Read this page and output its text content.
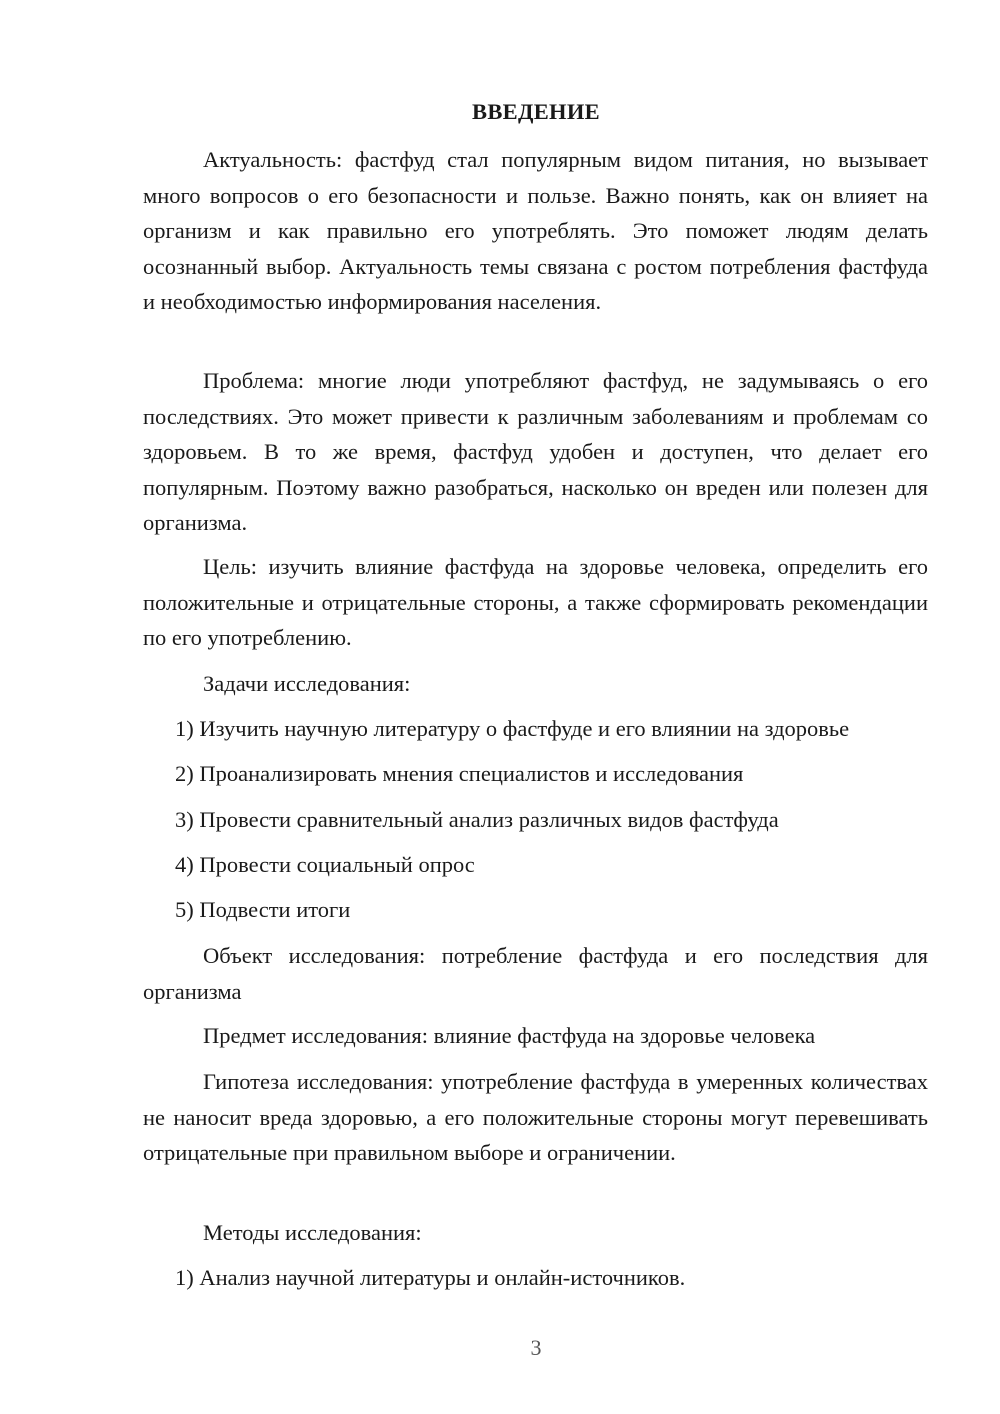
ВВЕДЕНИЕ

Актуальность: фастфуд стал популярным видом питания, но вызывает много вопросов о его безопасности и пользе. Важно понять, как он влияет на организм и как правильно его употреблять. Это поможет людям делать осознанный выбор. Актуальность темы связана с ростом потребления фастфуда и необходимостью информирования населения.

Проблема: многие люди употребляют фастфуд, не задумываясь о его последствиях. Это может привести к различным заболеваниям и проблемам со здоровьем. В то же время, фастфуд удобен и доступен, что делает его популярным. Поэтому важно разобраться, насколько он вреден или полезен для организма.

Цель: изучить влияние фастфуда на здоровье человека, определить его положительные и отрицательные стороны, а также сформировать рекомендации по его употреблению.

Задачи исследования:

1) Изучить научную литературу о фастфуде и его влиянии на здоровье

2) Проанализировать мнения специалистов и исследования

3) Провести сравнительный анализ различных видов фастфуда

4) Провести социальный опрос

5) Подвести итоги

Объект исследования: потребление фастфуда и его последствия для организма

Предмет исследования: влияние фастфуда на здоровье человека

Гипотеза исследования: употребление фастфуда в умеренных количествах не наносит вреда здоровью, а его положительные стороны могут перевешивать отрицательные при правильном выборе и ограничении.

Методы исследования:

1) Анализ научной литературы и онлайн-источников.

3
